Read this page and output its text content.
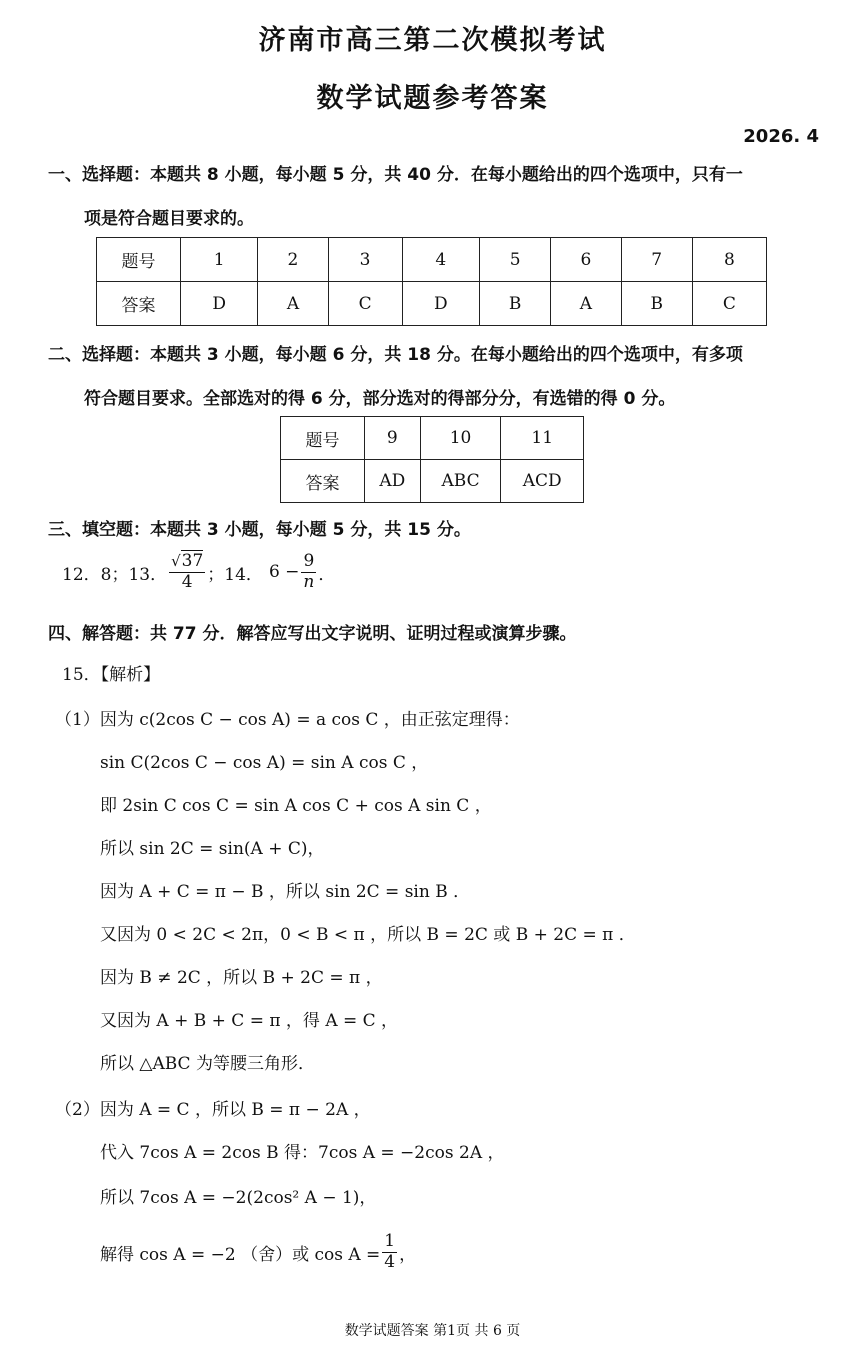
济南市高三第二次模拟考试
数学试题参考答案
2026. 4
一、选择题：本题共 8 小题，每小题 5 分，共 40 分．在每小题给出的四个选项中，只有一
项是符合题目要求的。
题号	1	2	3	4	5	6	7	8
答案	D	A	C	D	B	A	B	C
二、选择题：本题共 3 小题，每小题 6 分，共 18 分。在每小题给出的四个选项中，有多项
符合题目要求。全部选对的得 6 分，部分选对的得部分分，有选错的得 0 分。
题号	9	10	11
答案	AD	ABC	ACD
三、填空题：本题共 3 小题，每小题 5 分，共 15 分。
12．8；13． $\frac{√37}{4}$ ；14． $6 - \frac{9}{n}$ ．
四、解答题：共 77 分．解答应写出文字说明、证明过程或演算步骤。
15．【解析】
（1）因为 c(2cos C − cos A) = a cos C ，由正弦定理得：
sin C(2cos C − cos A) = sin A cos C ，
即 2sin C cos C = sin A cos C + cos A sin C ，
所以 sin 2C = sin(A + C)，
因为 A + C = π − B ，所以 sin 2C = sin B ．
又因为 0 < 2C < 2π，0 < B < π ，所以 B = 2C 或 B + 2C = π ．
因为 B ≠ 2C ，所以 B + 2C = π ，
又因为 A + B + C = π ，得 A = C ，
所以 △ABC 为等腰三角形．
（2）因为 A = C ，所以 B = π − 2A ，
代入 7cos A = 2cos B 得：7cos A = −2cos 2A ，
所以 7cos A = −2(2cos² A − 1)，
解得 cos A = −2 （舍）或 $\cos A = \frac{1}{4}$ ，
数学试题答案 第1页 共 6 页
